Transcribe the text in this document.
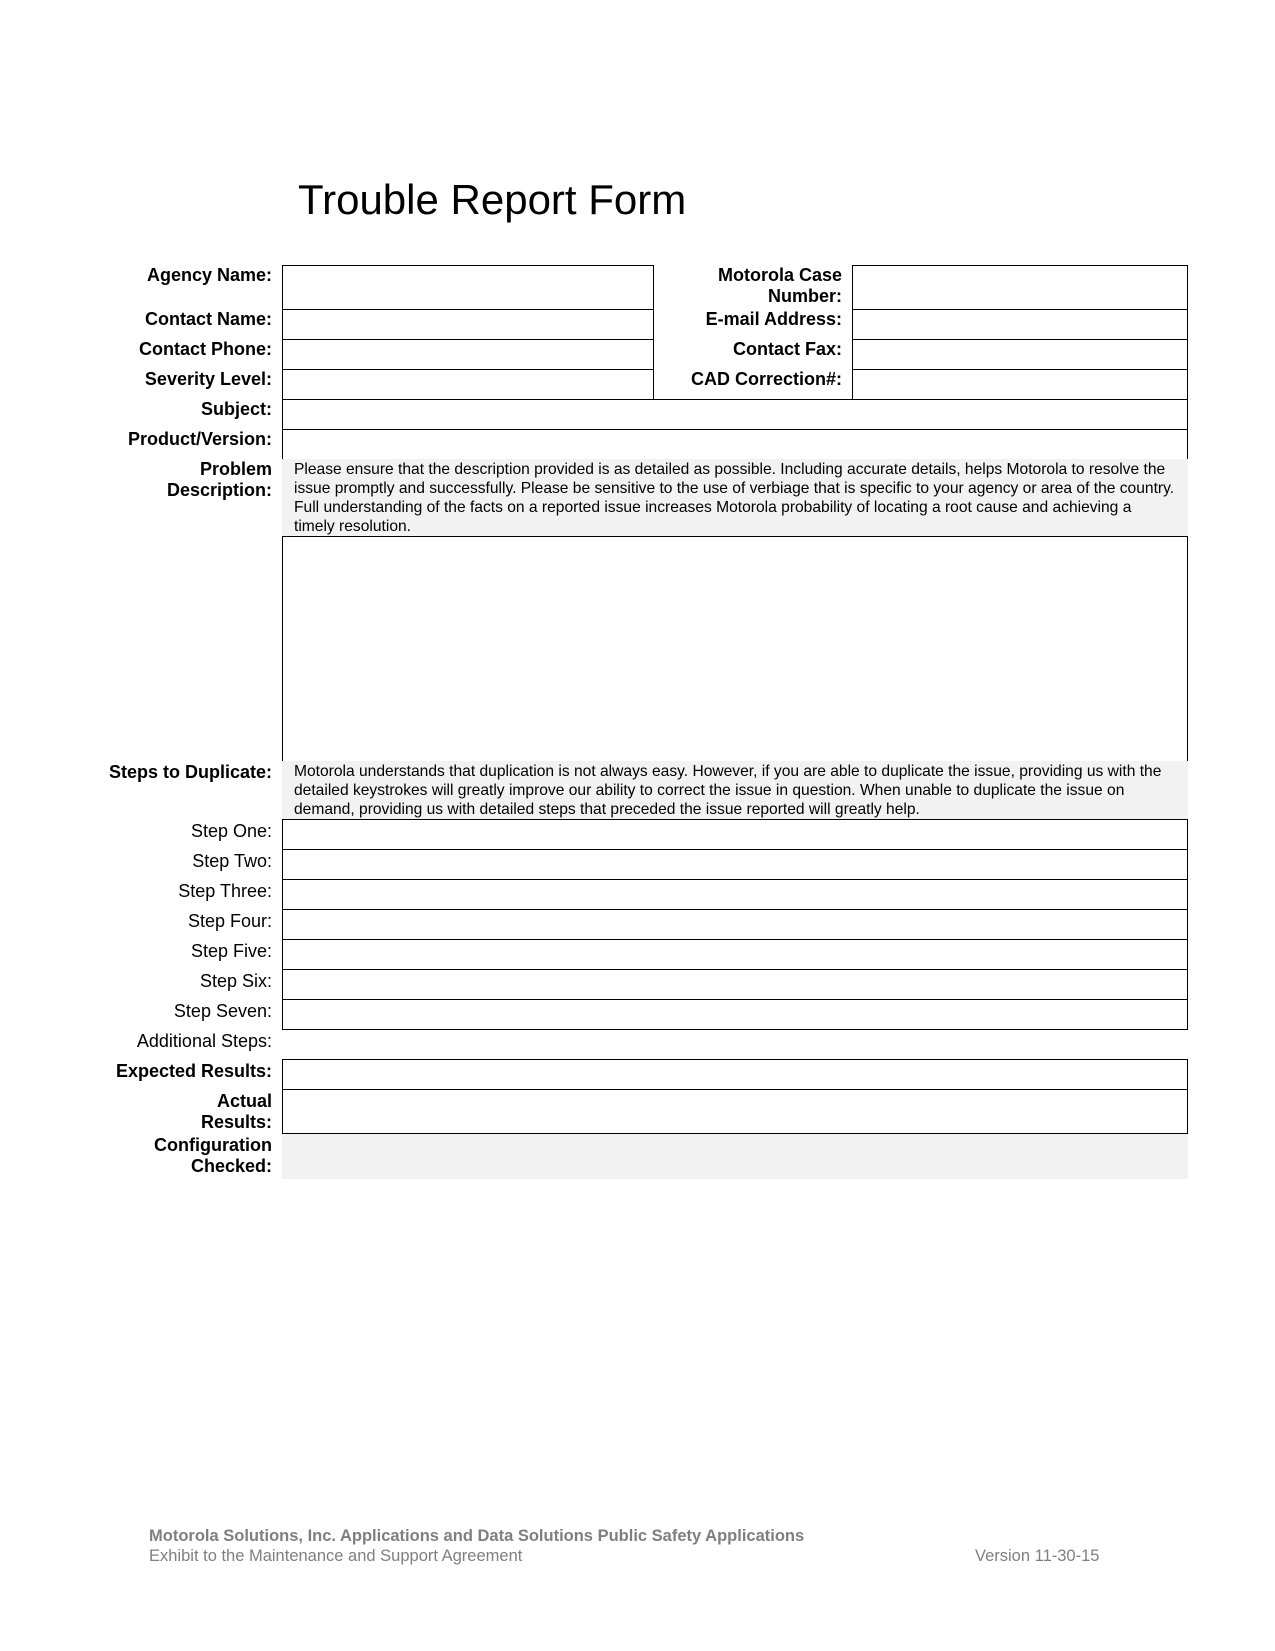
Trouble Report Form
Agency Name:	Motorola Case
Number:
Contact Name:	E-mail Address:
Contact Phone:	Contact Fax:
Severity Level:	CAD Correction#:
Subject:
Product/Version:
Problem
Description:
Please ensure that the description provided is as detailed as possible. Including accurate details, helps Motorola to resolve the issue promptly and successfully. Please be sensitive to the use of verbiage that is specific to your agency or area of the country. Full understanding of the facts on a reported issue increases Motorola probability of locating a root cause and achieving a timely resolution.
Steps to Duplicate:	Motorola understands that duplication is not always easy. However, if you are able to duplicate the issue, providing us with the detailed keystrokes will greatly improve our ability to correct the issue in question. When unable to duplicate the issue on demand, providing us with detailed steps that preceded the issue reported will greatly help.
Step One:
Step Two:
Step Three:
Step Four:
Step Five:
Step Six:
Step Seven:
Additional Steps:
Expected Results:
Actual
Results:
Configuration
Checked:
Motorola Solutions, Inc. Applications and Data Solutions Public Safety Applications
Exhibit to the Maintenance and Support Agreement	Version 11-30-15
